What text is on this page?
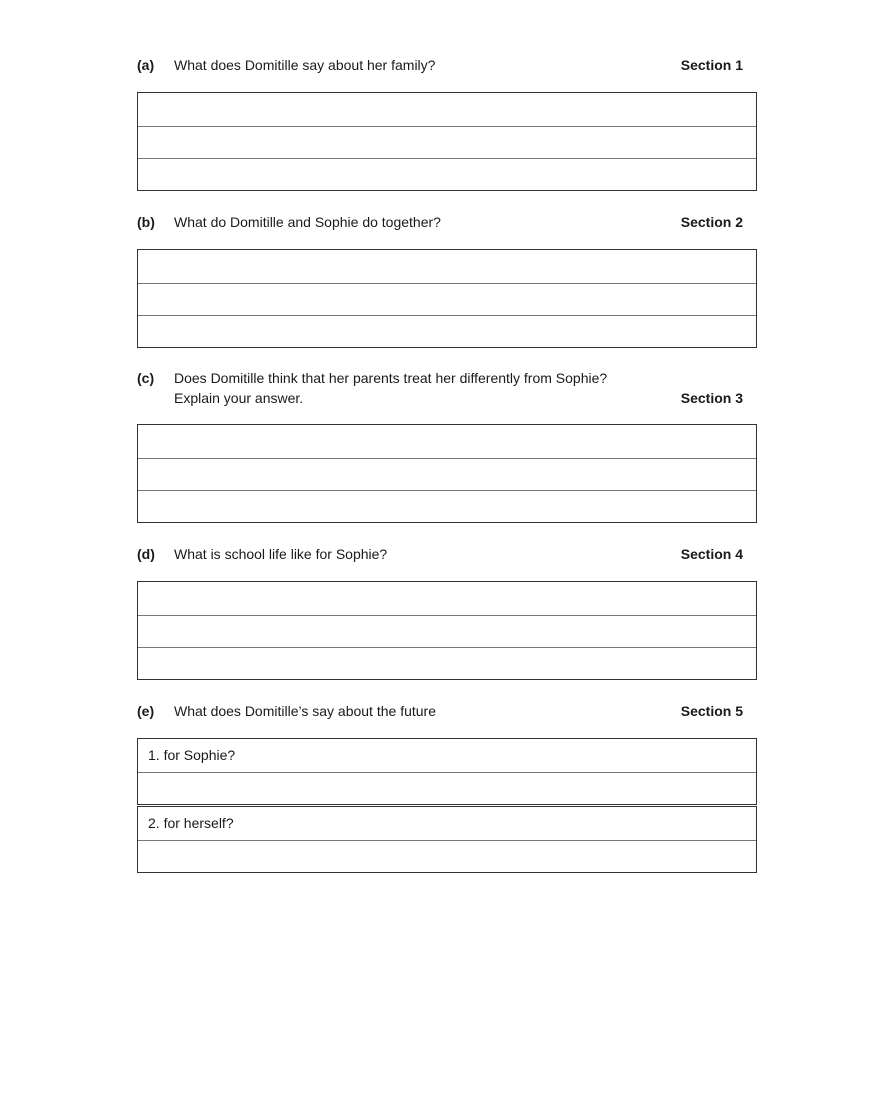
(a) What does Domitille say about her family?	Section 1
(b) What do Domitille and Sophie do together?	Section 2
(c) Does Domitille think that her parents treat her differently from Sophie?
Explain your answer.	Section 3
(d) What is school life like for Sophie?	Section 4
(e) What does Domitille’s say about the future	Section 5
1. for Sophie?
2. for herself?
